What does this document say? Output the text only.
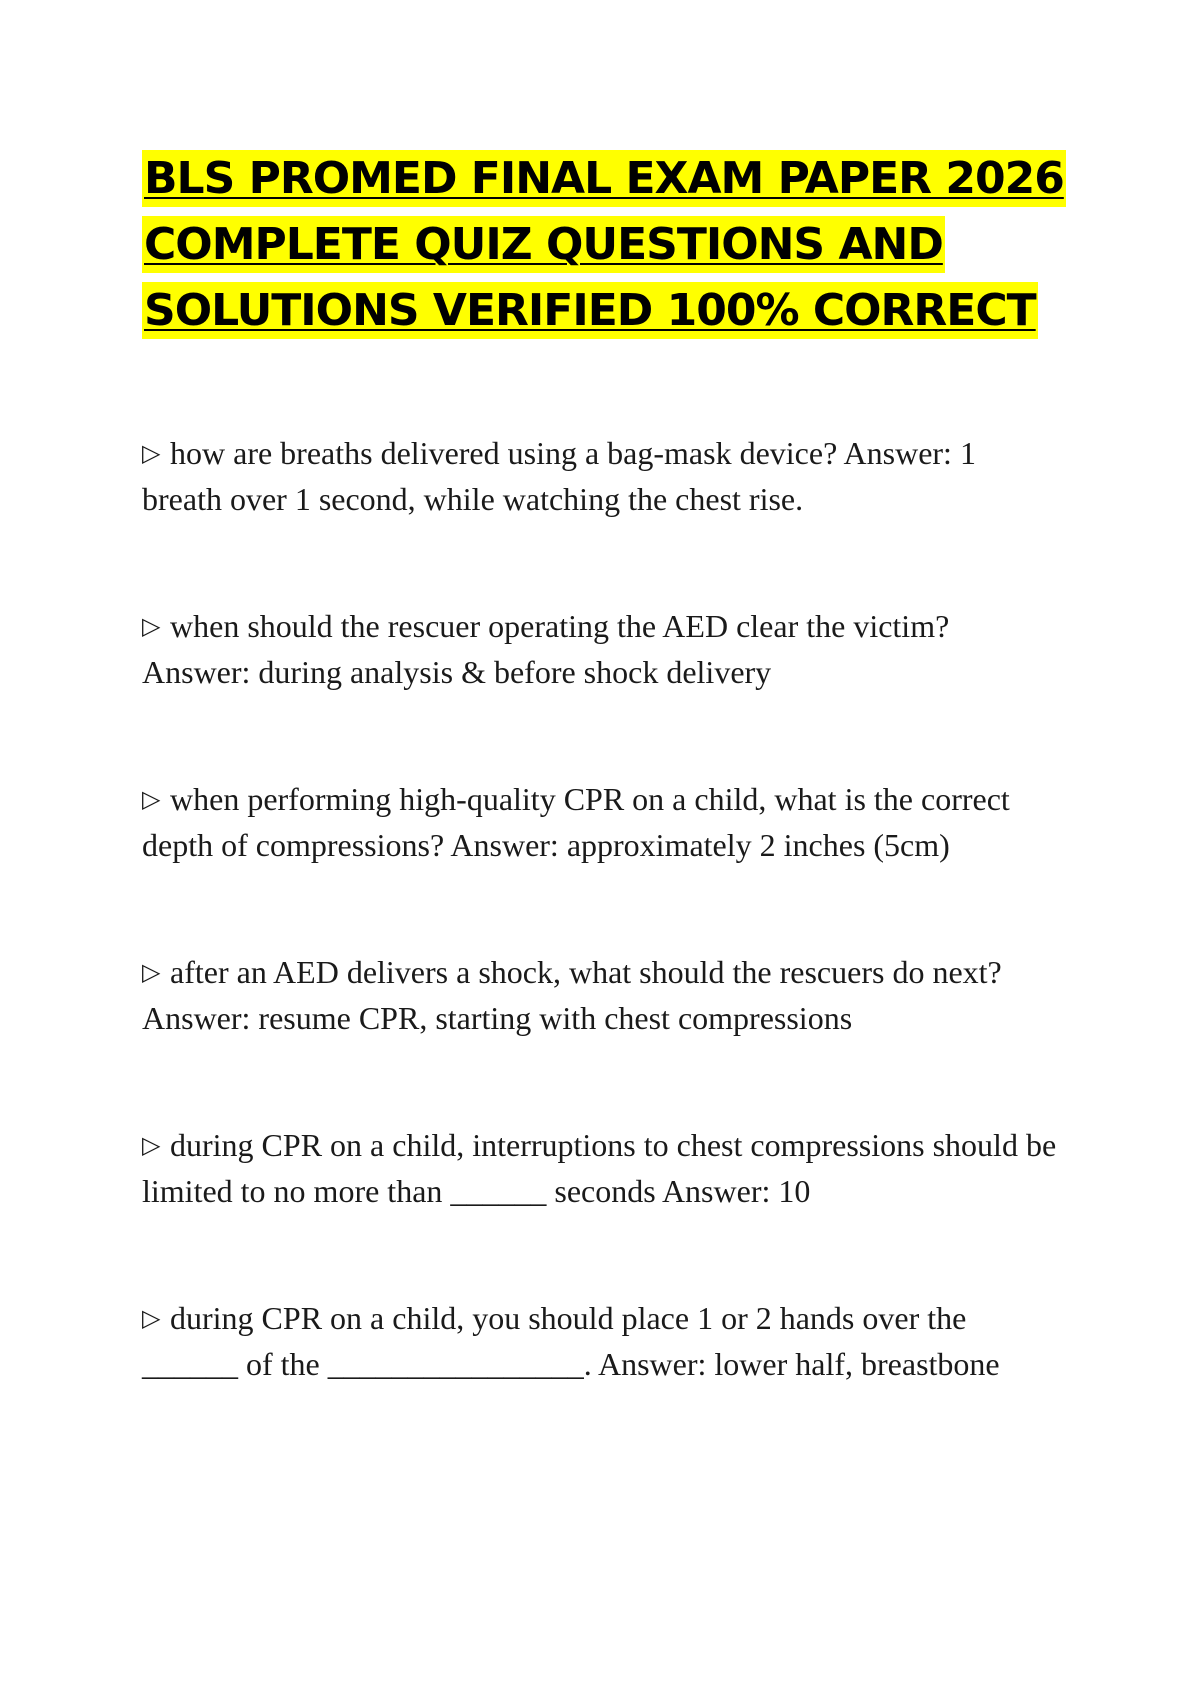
BLS PROMED FINAL EXAM PAPER 2026
COMPLETE QUIZ QUESTIONS AND
SOLUTIONS VERIFIED 100% CORRECT
▷ how are breaths delivered using a bag-mask device? Answer: 1 breath over 1 second, while watching the chest rise.
▷ when should the rescuer operating the AED clear the victim? Answer: during analysis & before shock delivery
▷ when performing high-quality CPR on a child, what is the correct depth of compressions? Answer: approximately 2 inches (5cm)
▷ after an AED delivers a shock, what should the rescuers do next? Answer: resume CPR, starting with chest compressions
▷ during CPR on a child, interruptions to chest compressions should be limited to no more than ______ seconds Answer: 10
▷ during CPR on a child, you should place 1 or 2 hands over the ______ of the ________________. Answer: lower half, breastbone
